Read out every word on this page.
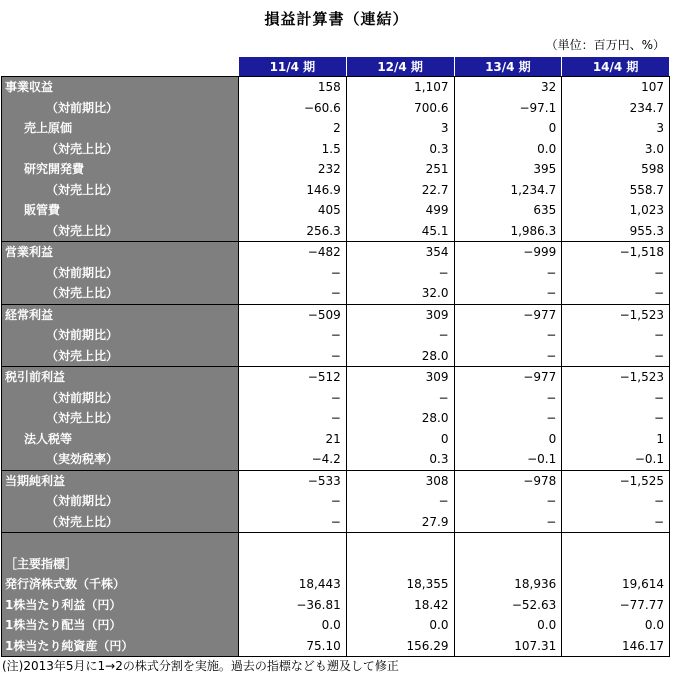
損益計算書（連結）
（単位：百万円、%）
	11/4 期	12/4 期	13/4 期	14/4 期
事業収益	158	1,107	32	107
（対前期比）	−60.6	700.6	−97.1	234.7
売上原価	2	3	0	3
（対売上比）	1.5	0.3	0.0	3.0
研究開発費	232	251	395	598
（対売上比）	146.9	22.7	1,234.7	558.7
販管費	405	499	635	1,023
（対売上比）	256.3	45.1	1,986.3	955.3
営業利益	−482	354	−999	−1,518
（対前期比）	−	−	−	−
（対売上比）	−	32.0	−	−
経常利益	−509	309	−977	−1,523
（対前期比）	−	−	−	−
（対売上比）	−	28.0	−	−
税引前利益	−512	309	−977	−1,523
（対前期比）	−	−	−	−
（対売上比）	−	28.0	−	−
法人税等	21	0	0	1
（実効税率）	−4.2	0.3	−0.1	−0.1
当期純利益	−533	308	−978	−1,525
（対前期比）	−	−	−	−
（対売上比）	−	27.9	−	−

［主要指標］				
発行済株式数（千株）	18,443	18,355	18,936	19,614
1株当たり利益（円）	−36.81	18.42	−52.63	−77.77
1株当たり配当（円）	0.0	0.0	0.0	0.0
1株当たり純資産（円）	75.10	156.29	107.31	146.17
(注)2013年5月に1→2の株式分割を実施。過去の指標なども遡及して修正
